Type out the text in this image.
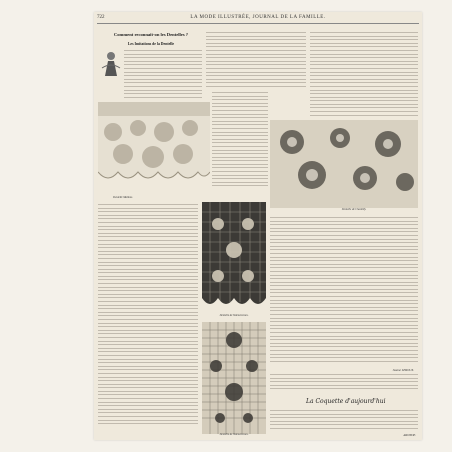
722	LA MODE ILLUSTRÉE, JOURNAL DE LA FAMILLE.
Comment reconnaît-on les Dentelles ?
Les Imitations de la Dentelle
Dentelle Malines.
Dentelle de Chantilly.
Dentelle de Valenciennes.
Dentelle de Valenciennes.
Jeanne LEROUX.
La Coquette d'aujourd'hui
ARONDE.
